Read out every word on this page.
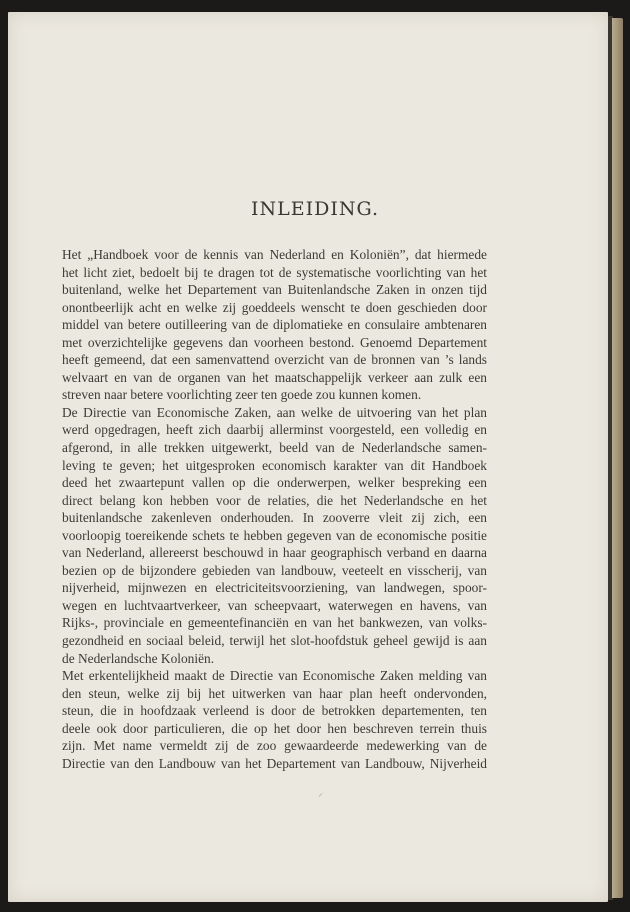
INLEIDING.
Het „Handboek voor de kennis van Nederland en Koloniën”, dat hiermede
het licht ziet, bedoelt bij te dragen tot de systematische voorlichting van het
buitenland, welke het Departement van Buitenlandsche Zaken in onzen tijd
onontbeerlijk acht en welke zij goeddeels wenscht te doen geschieden door
middel van betere outilleering van de diplomatieke en consulaire ambtenaren
met overzichtelijke gegevens dan voorheen bestond. Genoemd Departement
heeft gemeend, dat een samenvattend overzicht van de bronnen van ’s lands
welvaart en van de organen van het maatschappelijk verkeer aan zulk een
streven naar betere voorlichting zeer ten goede zou kunnen komen.
De Directie van Economische Zaken, aan welke de uitvoering van het plan
werd opgedragen, heeft zich daarbij allerminst voorgesteld, een volledig en
afgerond, in alle trekken uitgewerkt, beeld van de Nederlandsche samen-
leving te geven; het uitgesproken economisch karakter van dit Handboek
deed het zwaartepunt vallen op die onderwerpen, welker bespreking een
direct belang kon hebben voor de relaties, die het Nederlandsche en het
buitenlandsche zakenleven onderhouden. In zooverre vleit zij zich, een
voorloopig toereikende schets te hebben gegeven van de economische positie
van Nederland, allereerst beschouwd in haar geographisch verband en daarna
bezien op de bijzondere gebieden van landbouw, veeteelt en visscherij, van
nijverheid, mijnwezen en electriciteitsvoorziening, van landwegen, spoor-
wegen en luchtvaartverkeer, van scheepvaart, waterwegen en havens, van
Rijks-, provinciale en gemeentefinanciën en van het bankwezen, van volks-
gezondheid en sociaal beleid, terwijl het slot-hoofdstuk geheel gewijd is aan
de Nederlandsche Koloniën.
Met erkentelijkheid maakt de Directie van Economische Zaken melding van
den steun, welke zij bij het uitwerken van haar plan heeft ondervonden,
steun, die in hoofdzaak verleend is door de betrokken departementen, ten
deele ook door particulieren, die op het door hen beschreven terrein thuis
zijn. Met name vermeldt zij de zoo gewaardeerde medewerking van de
Directie van den Landbouw van het Departement van Landbouw, Nijverheid
⸝
